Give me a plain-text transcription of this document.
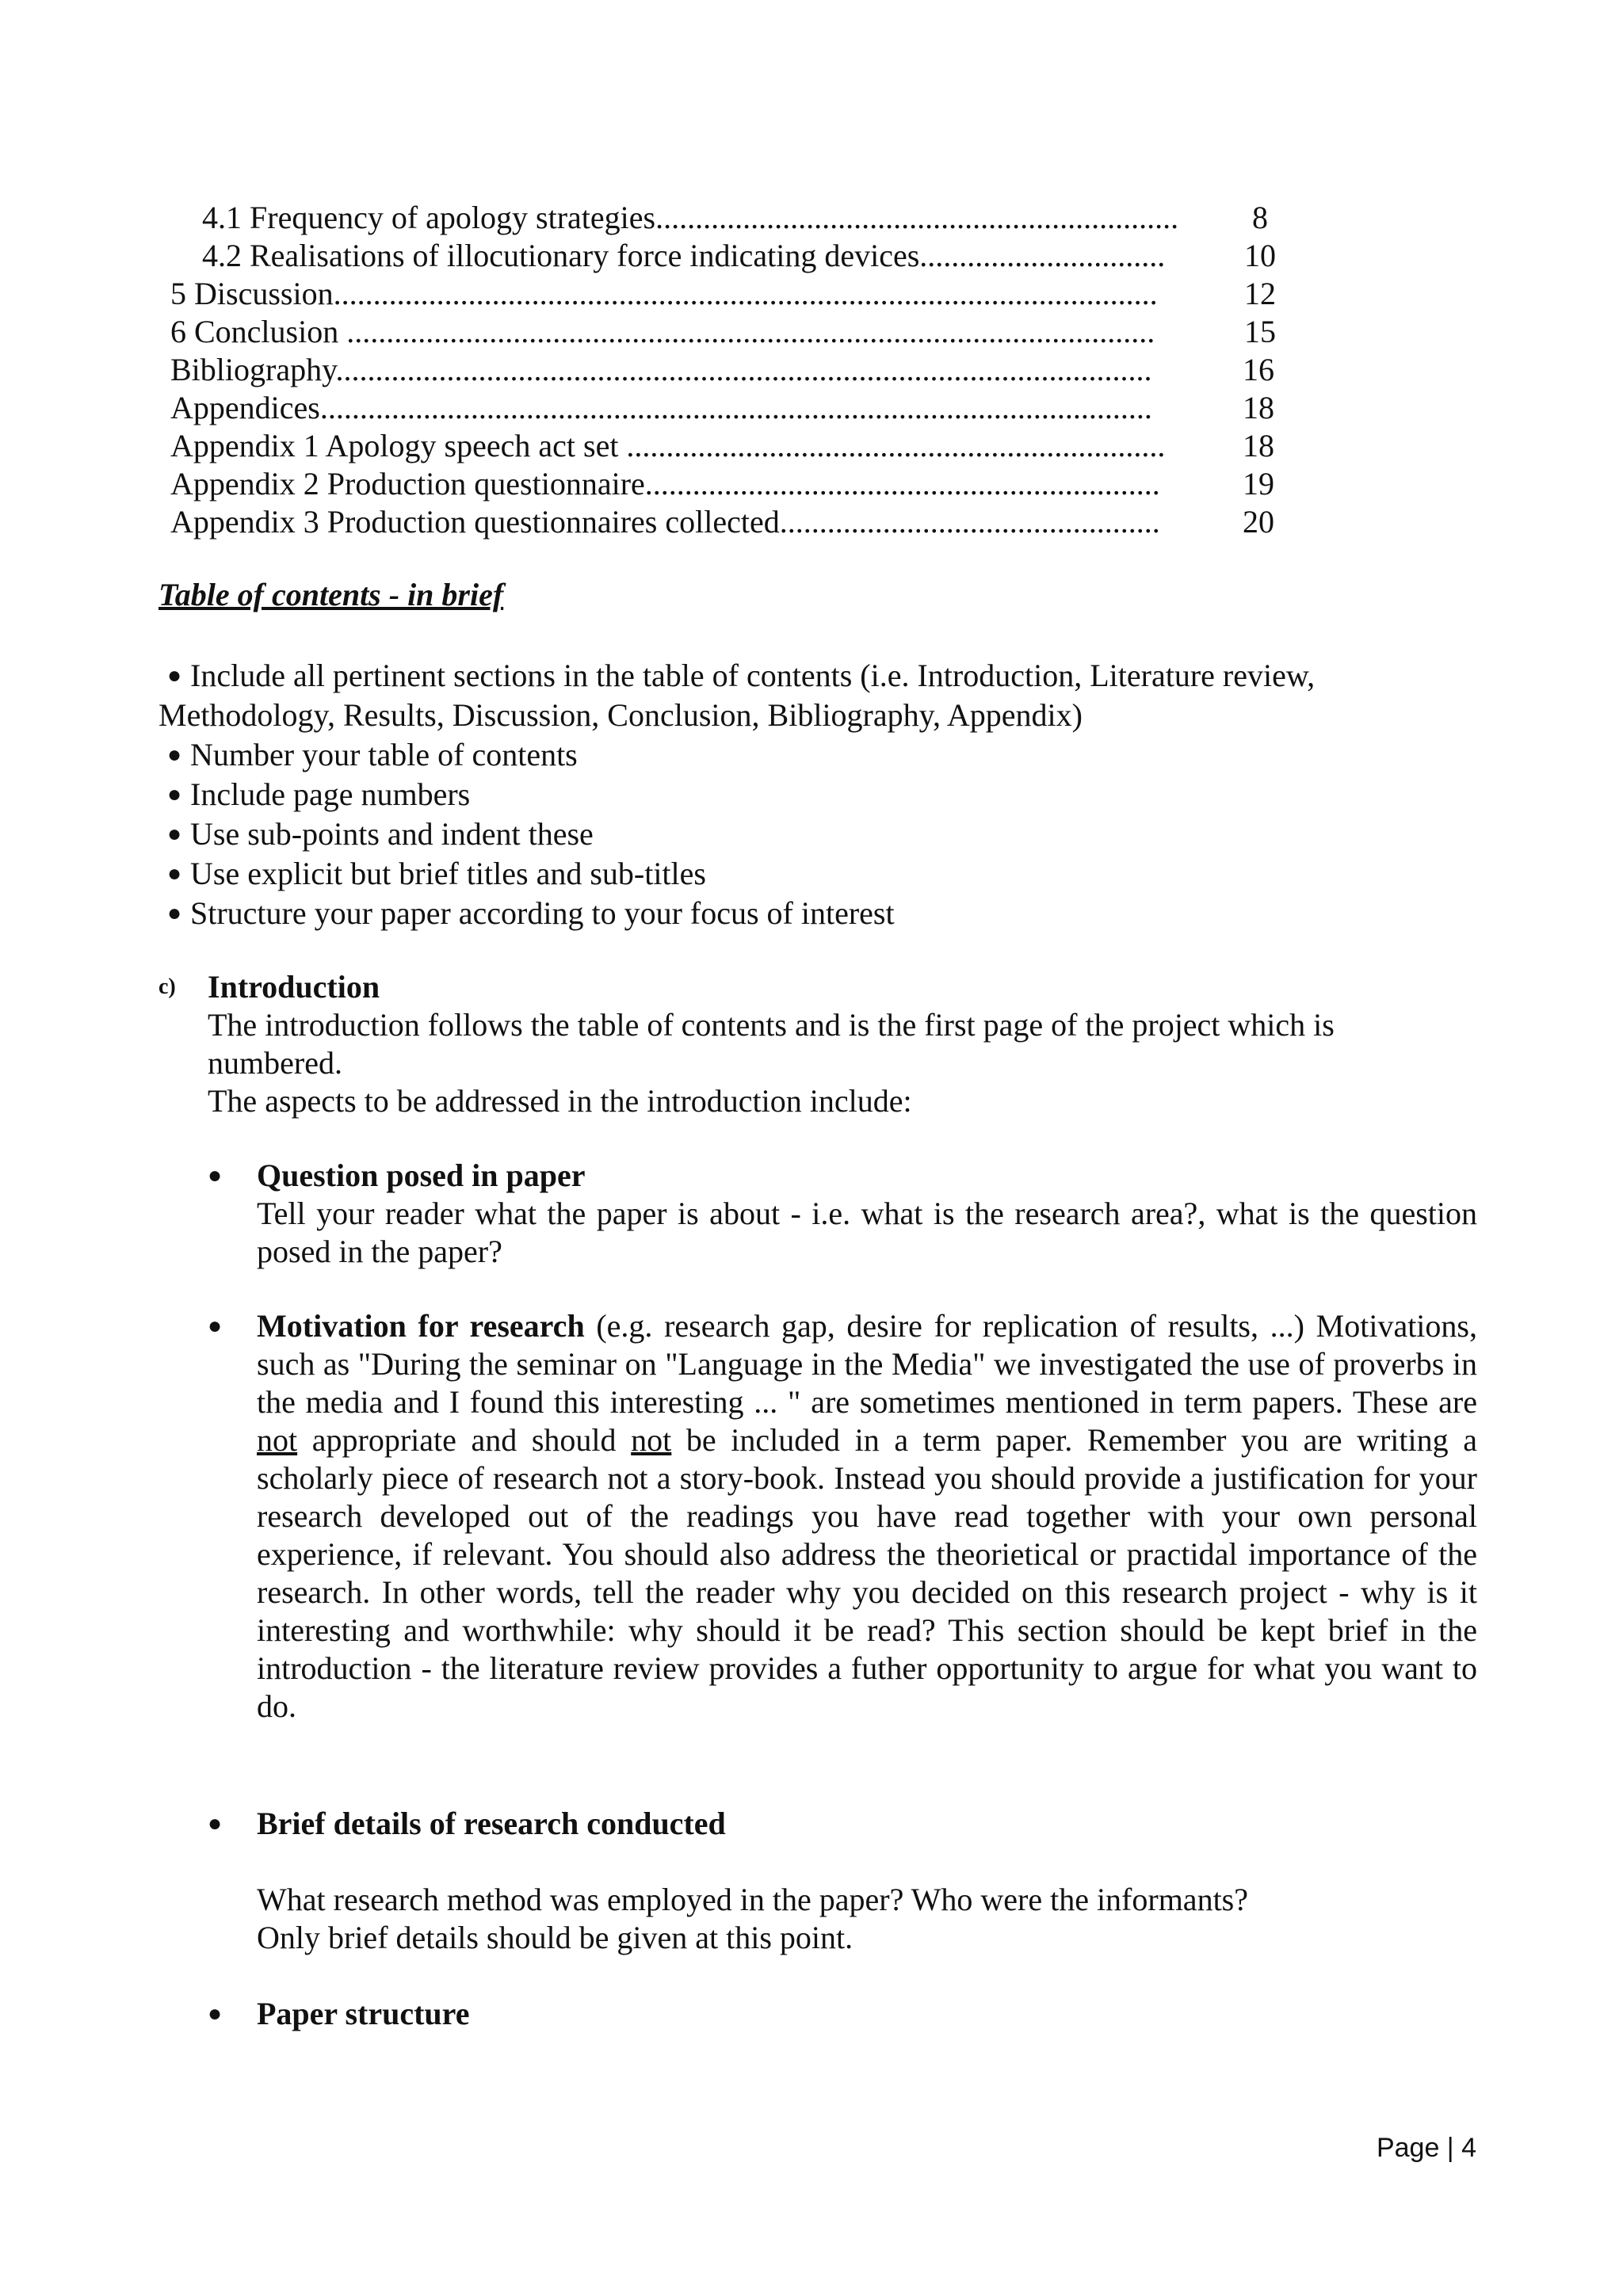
4.1 Frequency of apology strategies..................................................................	8
4.2 Realisations of illocutionary force indicating devices...............................	10
5 Discussion........................................................................................................	12
6 Conclusion ......................................................................................................	15
Bibliography.......................................................................................................	16
Appendices.........................................................................................................	18
Appendix 1 Apology speech act set ....................................................................	18
Appendix 2 Production questionnaire.................................................................	19
Appendix 3 Production questionnaires collected................................................	20
Table of contents - in brief
● Include all pertinent sections in the table of contents (i.e. Introduction, Literature review,
Methodology, Results, Discussion, Conclusion, Bibliography, Appendix)
● Number your table of contents
● Include page numbers
● Use sub-points and indent these
● Use explicit but brief titles and sub-titles
● Structure your paper according to your focus of interest
c) Introduction
The introduction follows the table of contents and is the first page of the project which is numbered.
The aspects to be addressed in the introduction include:
● Question posed in paper
Tell your reader what the paper is about - i.e. what is the research area?, what is the question posed in the paper?
● Motivation for research (e.g. research gap, desire for replication of results, ...) Motivations, such as "During the seminar on "Language in the Media" we investigated the use of proverbs in the media and I found this interesting ... " are sometimes mentioned in term papers. These are not appropriate and should not be included in a term paper. Remember you are writing a scholarly piece of research not a story-book. Instead you should provide a justification for your research developed out of the readings you have read together with your own personal experience, if relevant. You should also address the theorietical or practidal importance of the research. In other words, tell the reader why you decided on this research project - why is it interesting and worthwhile: why should it be read? This section should be kept brief in the introduction - the literature review provides a futher opportunity to argue for what you want to do.
● Brief details of research conducted
What research method was employed in the paper? Who were the informants?
Only brief details should be given at this point.
● Paper structure
Page | 4
